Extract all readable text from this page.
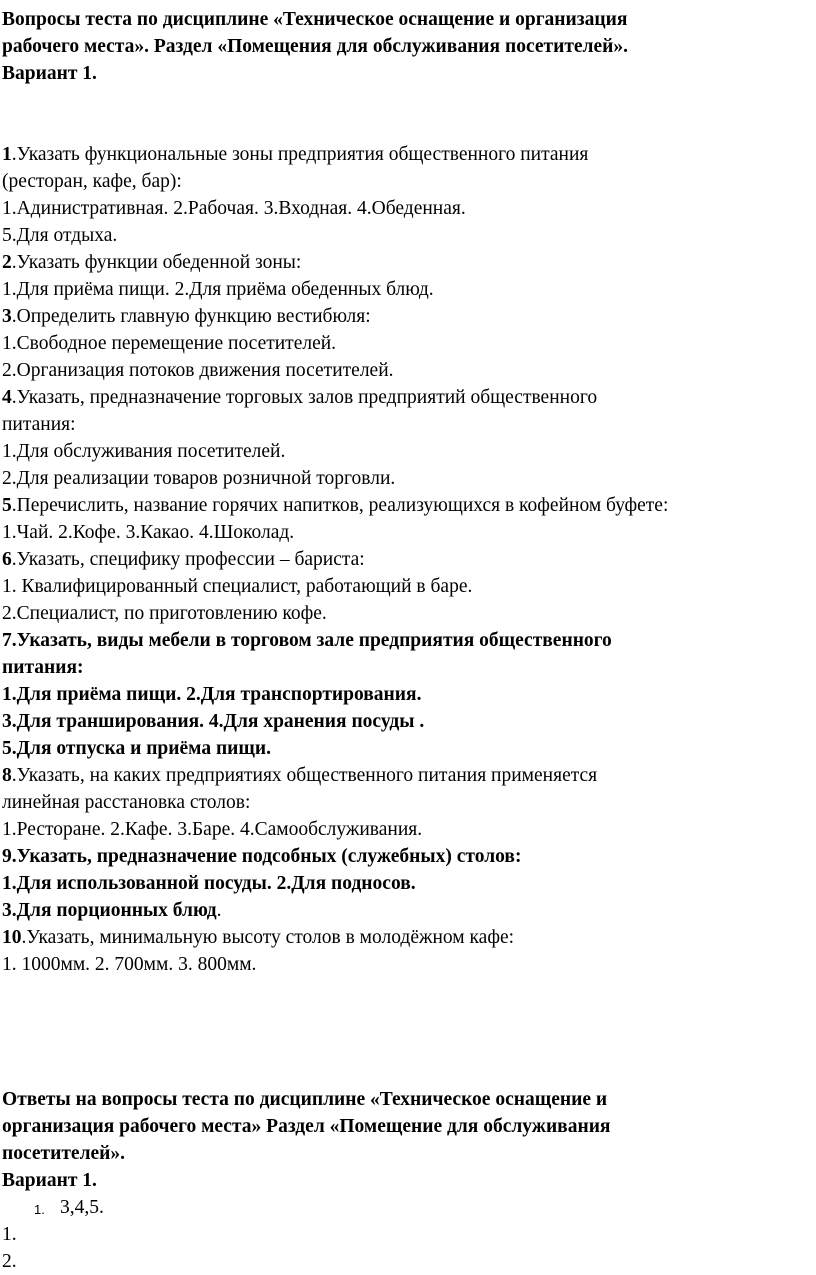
Вопросы теста по дисциплине «Техническое оснащение и организация
рабочего места». Раздел «Помещения для обслуживания посетителей».
Вариант 1.
1.Указать функциональные зоны предприятия общественного питания
(ресторан, кафе, бар):
1.Адинистративная. 2.Рабочая. 3.Входная. 4.Обеденная.
5.Для отдыха.
2.Указать функции обеденной зоны:
1.Для приёма пищи. 2.Для приёма обеденных блюд.
3.Определить главную функцию вестибюля:
1.Свободное перемещение посетителей.
2.Организация потоков движения посетителей.
4.Указать, предназначение торговых залов предприятий общественного
питания:
1.Для обслуживания посетителей.
2.Для реализации товаров розничной торговли.
5.Перечислить, название горячих напитков, реализующихся в кофейном буфете:
1.Чай. 2.Кофе. 3.Какао. 4.Шоколад.
6.Указать, специфику профессии – бариста:
1. Квалифицированный специалист, работающий в баре.
2.Специалист, по приготовлению кофе.
7.Указать, виды мебели в торговом зале предприятия общественного
питания:
1.Для приёма пищи. 2.Для транспортирования.
3.Для транширования. 4.Для хранения посуды .
5.Для отпуска и приёма пищи.
8.Указать, на каких предприятиях общественного питания применяется
линейная расстановка столов:
1.Ресторане. 2.Кафе. 3.Баре. 4.Самообслуживания.
9.Указать, предназначение подсобных (служебных) столов:
1.Для использованной посуды. 2.Для подносов.
3.Для порционных блюд.
10.Указать, минимальную высоту столов в молодёжном кафе:
1. 1000мм. 2. 700мм. 3. 800мм.
Ответы на вопросы теста по дисциплине «Техническое оснащение и
организация рабочего места» Раздел «Помещение для обслуживания
посетителей».
Вариант 1.
1. 3,4,5.
1.
2.
